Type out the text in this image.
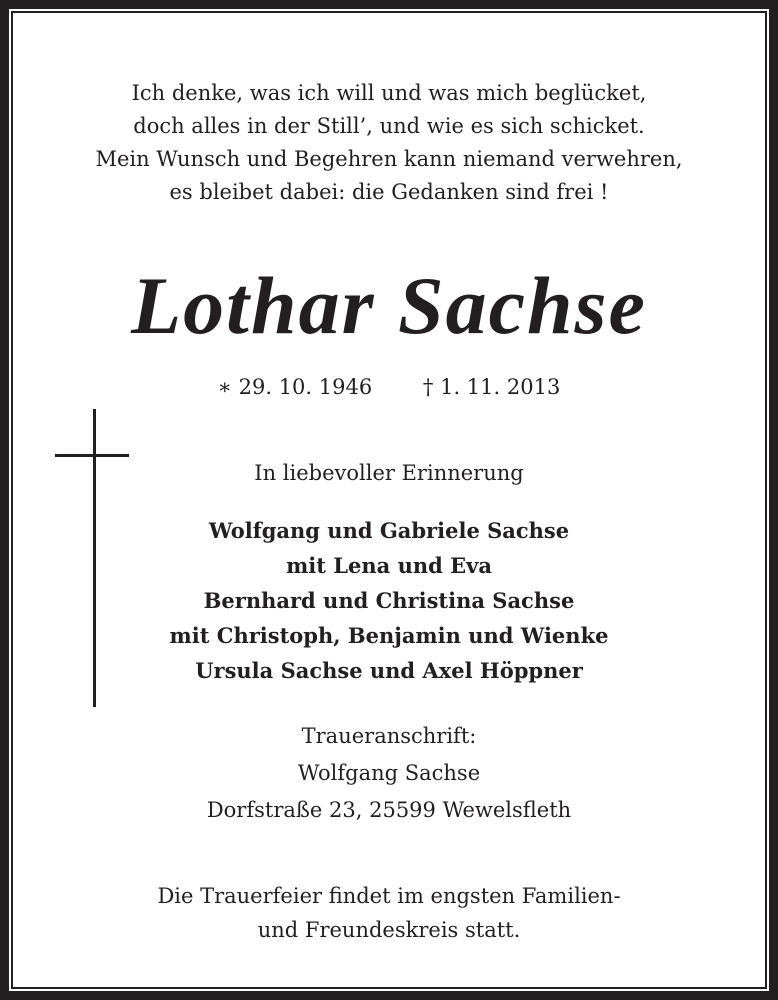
Ich denke, was ich will und was mich beglücket,
doch alles in der Still’, und wie es sich schicket.
Mein Wunsch und Begehren kann niemand verwehren,
es bleibet dabei: die Gedanken sind frei !
Lothar Sachse
∗ 29. 10. 1946 † 1. 11. 2013
In liebevoller Erinnerung
Wolfgang und Gabriele Sachse
mit Lena und Eva
Bernhard und Christina Sachse
mit Christoph, Benjamin und Wienke
Ursula Sachse und Axel Höppner
Traueranschrift:
Wolfgang Sachse
Dorfstraße 23, 25599 Wewelsfleth
Die Trauerfeier findet im engsten Familien-
und Freundeskreis statt.
